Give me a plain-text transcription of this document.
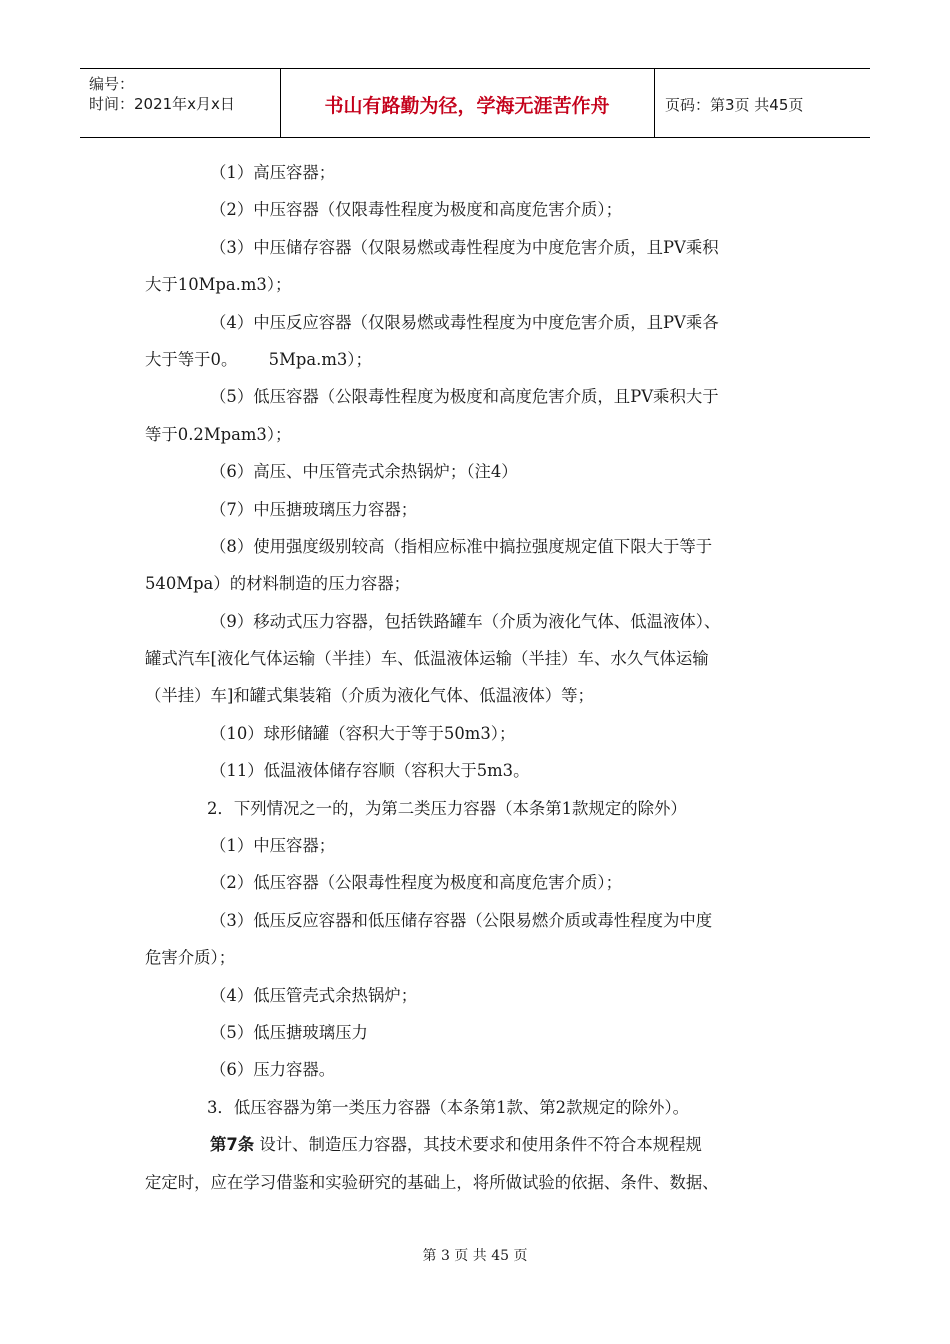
编号：
时间：2021年x月x日	书山有路勤为径，学海无涯苦作舟	页码：第3页 共45页
（1）高压容器；
（2）中压容器（仅限毒性程度为极度和高度危害介质）；
（3）中压储存容器（仅限易燃或毒性程度为中度危害介质，且PV乘积
大于10Mpa.m3）；
（4）中压反应容器（仅限易燃或毒性程度为中度危害介质，且PV乘各
大于等于0。      5Mpa.m3）；
（5）低压容器（公限毒性程度为极度和高度危害介质，且PV乘积大于
等于0.2Mpam3）；
（6）高压、中压管壳式余热锅炉；（注4）
（7）中压搪玻璃压力容器；
（8）使用强度级别较高（指相应标准中搞拉强度规定值下限大于等于
540Mpa）的材料制造的压力容器；
（9）移动式压力容器，包括铁路罐车（介质为液化气体、低温液体）、
罐式汽车[液化气体运输（半挂）车、低温液体运输（半挂）车、水久气体运输
（半挂）车]和罐式集装箱（介质为液化气体、低温液体）等；
（10）球形储罐（容积大于等于50m3）；
（11）低温液体储存容顺（容积大于5m3。
2．下列情况之一的，为第二类压力容器（本条第1款规定的除外）
（1）中压容器；
（2）低压容器（公限毒性程度为极度和高度危害介质）；
（3）低压反应容器和低压储存容器（公限易燃介质或毒性程度为中度
危害介质）；
（4）低压管壳式余热锅炉；
（5）低压搪玻璃压力
（6）压力容器。
3．低压容器为第一类压力容器（本条第1款、第2款规定的除外）。
第7条 设计、制造压力容器，其技术要求和使用条件不符合本规程规
定定时，应在学习借鉴和实验研究的基础上，将所做试验的依据、条件、数据、
第 3 页 共 45 页
